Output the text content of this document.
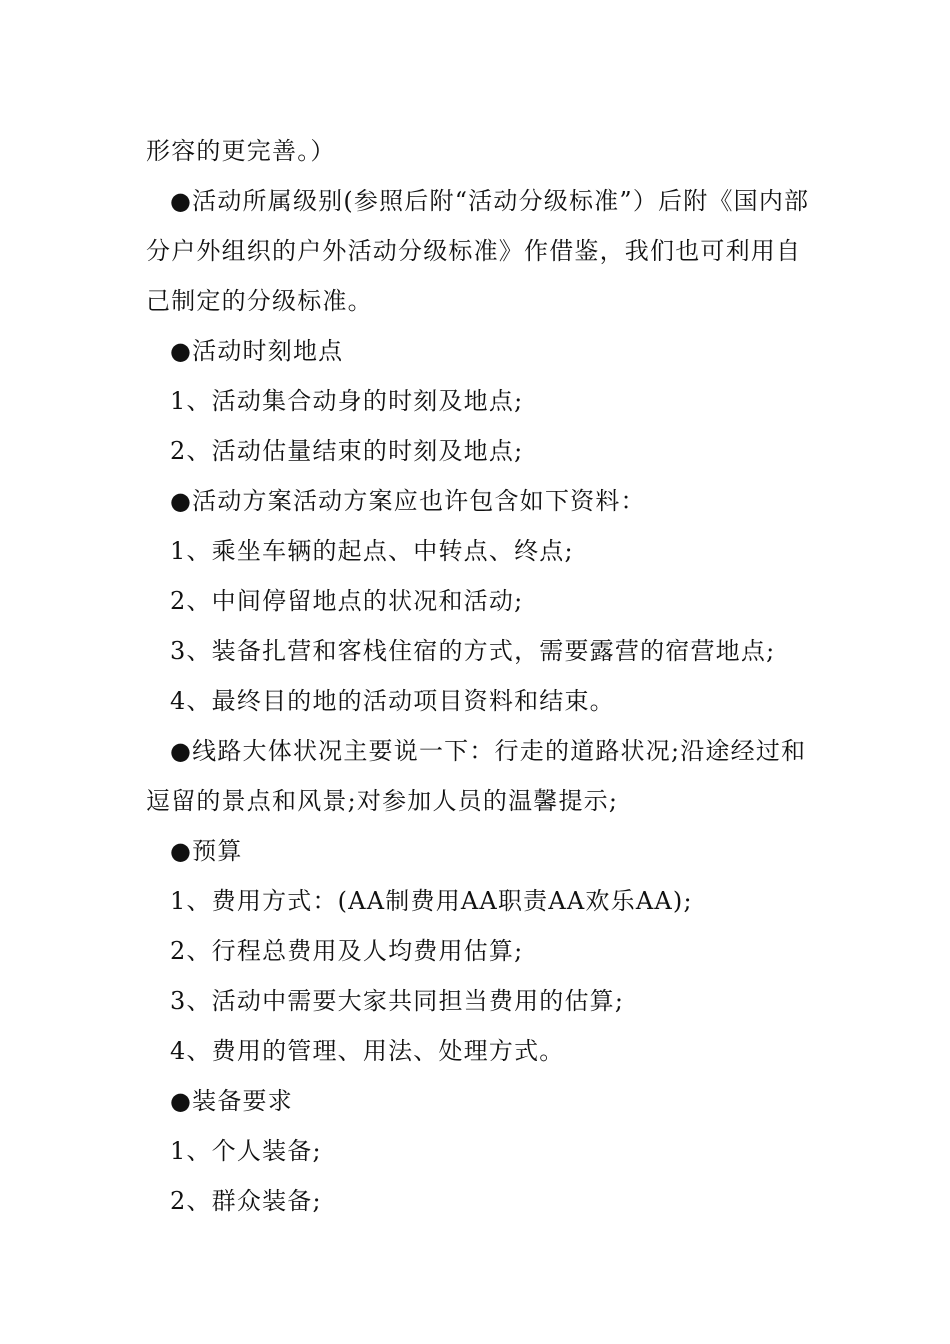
形容的更完善。）

●活动所属级别(参照后附“活动分级标准”）后附《国内部分户外组织的户外活动分级标准》作借鉴，我们也可利用自己制定的分级标准。

●活动时刻地点

1、活动集合动身的时刻及地点;

2、活动估量结束的时刻及地点;

●活动方案活动方案应也许包含如下资料：

1、乘坐车辆的起点、中转点、终点;

2、中间停留地点的状况和活动;

3、装备扎营和客栈住宿的方式，需要露营的宿营地点;

4、最终目的地的活动项目资料和结束。

●线路大体状况主要说一下：行走的道路状况;沿途经过和逗留的景点和风景;对参加人员的温馨提示;

●预算

1、费用方式：(AA制费用AA职责AA欢乐AA);

2、行程总费用及人均费用估算;

3、活动中需要大家共同担当费用的估算;

4、费用的管理、用法、处理方式。

●装备要求

1、个人装备;

2、群众装备;
